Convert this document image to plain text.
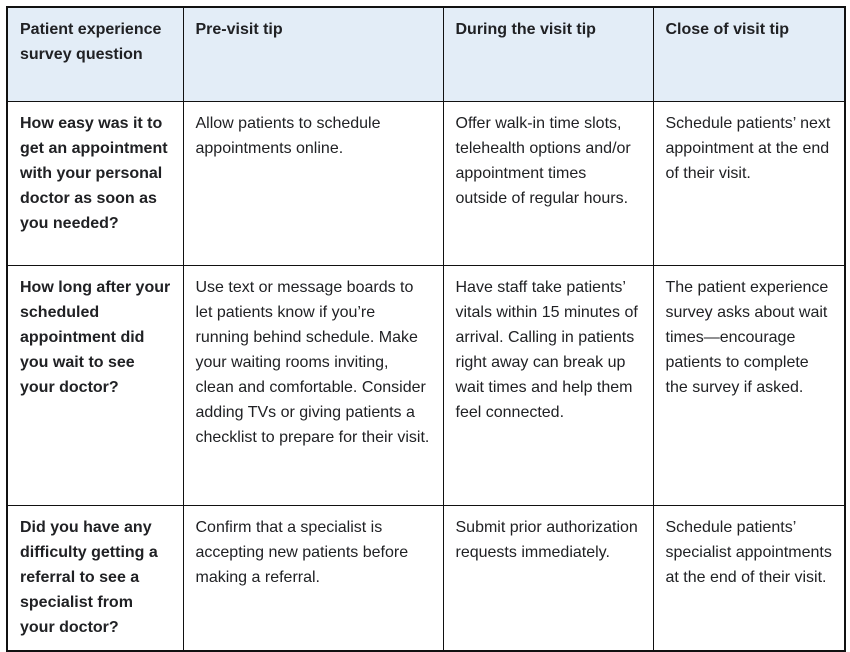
Patient experience survey question	Pre-visit tip	During the visit tip	Close of visit tip
How easy was it to get an appointment with your personal doctor as soon as you needed?	Allow patients to schedule appointments online.	Offer walk-in time slots, telehealth options and/or appointment times outside of regular hours.	Schedule patients’ next appointment at the end of their visit.
How long after your scheduled appointment did you wait to see your doctor?	Use text or message boards to let patients know if you’re running behind schedule. Make your waiting rooms inviting, clean and comfortable. Consider adding TVs or giving patients a checklist to prepare for their visit.	Have staff take patients’ vitals within 15 minutes of arrival. Calling in patients right away can break up wait times and help them feel connected.	The patient experience survey asks about wait times—encourage patients to complete the survey if asked.
Did you have any difficulty getting a referral to see a specialist from your doctor?	Confirm that a specialist is accepting new patients before making a referral.	Submit prior authorization requests immediately.	Schedule patients’ specialist appointments at the end of their visit.
